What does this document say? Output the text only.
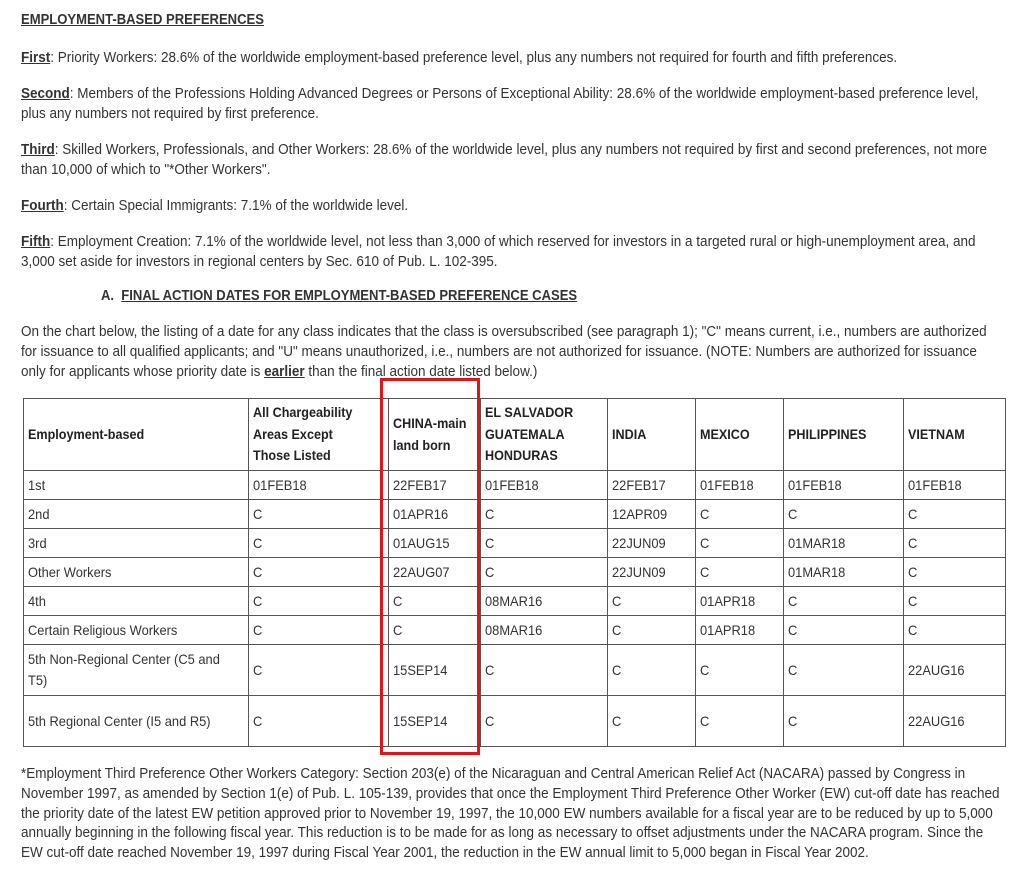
EMPLOYMENT-BASED PREFERENCES
First: Priority Workers: 28.6% of the worldwide employment-based preference level, plus any numbers not required for fourth and fifth preferences.
Second: Members of the Professions Holding Advanced Degrees or Persons of Exceptional Ability: 28.6% of the worldwide employment-based preference level, plus any numbers not required by first preference.
Third: Skilled Workers, Professionals, and Other Workers: 28.6% of the worldwide level, plus any numbers not required by first and second preferences, not more than 10,000 of which to "*Other Workers".
Fourth: Certain Special Immigrants: 7.1% of the worldwide level.
Fifth: Employment Creation: 7.1% of the worldwide level, not less than 3,000 of which reserved for investors in a targeted rural or high-unemployment area, and 3,000 set aside for investors in regional centers by Sec. 610 of Pub. L. 102-395.
A. FINAL ACTION DATES FOR EMPLOYMENT-BASED PREFERENCE CASES
On the chart below, the listing of a date for any class indicates that the class is oversubscribed (see paragraph 1); "C" means current, i.e., numbers are authorized for issuance to all qualified applicants; and "U" means unauthorized, i.e., numbers are not authorized for issuance. (NOTE: Numbers are authorized for issuance only for applicants whose priority date is earlier than the final action date listed below.)
Employment-based	All Chargeability Areas Except Those Listed	CHINA-mainland born	EL SALVADOR GUATEMALA HONDURAS	INDIA	MEXICO	PHILIPPINES	VIETNAM
1st	01FEB18	22FEB17	01FEB18	22FEB17	01FEB18	01FEB18	01FEB18
2nd	C	01APR16	C	12APR09	C	C	C
3rd	C	01AUG15	C	22JUN09	C	01MAR18	C
Other Workers	C	22AUG07	C	22JUN09	C	01MAR18	C
4th	C	C	08MAR16	C	01APR18	C	C
Certain Religious Workers	C	C	08MAR16	C	01APR18	C	C
5th Non-Regional Center (C5 and T5)	C	15SEP14	C	C	C	C	22AUG16
5th Regional Center (I5 and R5)	C	15SEP14	C	C	C	C	22AUG16
*Employment Third Preference Other Workers Category: Section 203(e) of the Nicaraguan and Central American Relief Act (NACARA) passed by Congress in November 1997, as amended by Section 1(e) of Pub. L. 105-139, provides that once the Employment Third Preference Other Worker (EW) cut-off date has reached the priority date of the latest EW petition approved prior to November 19, 1997, the 10,000 EW numbers available for a fiscal year are to be reduced by up to 5,000 annually beginning in the following fiscal year. This reduction is to be made for as long as necessary to offset adjustments under the NACARA program. Since the EW cut-off date reached November 19, 1997 during Fiscal Year 2001, the reduction in the EW annual limit to 5,000 began in Fiscal Year 2002.
